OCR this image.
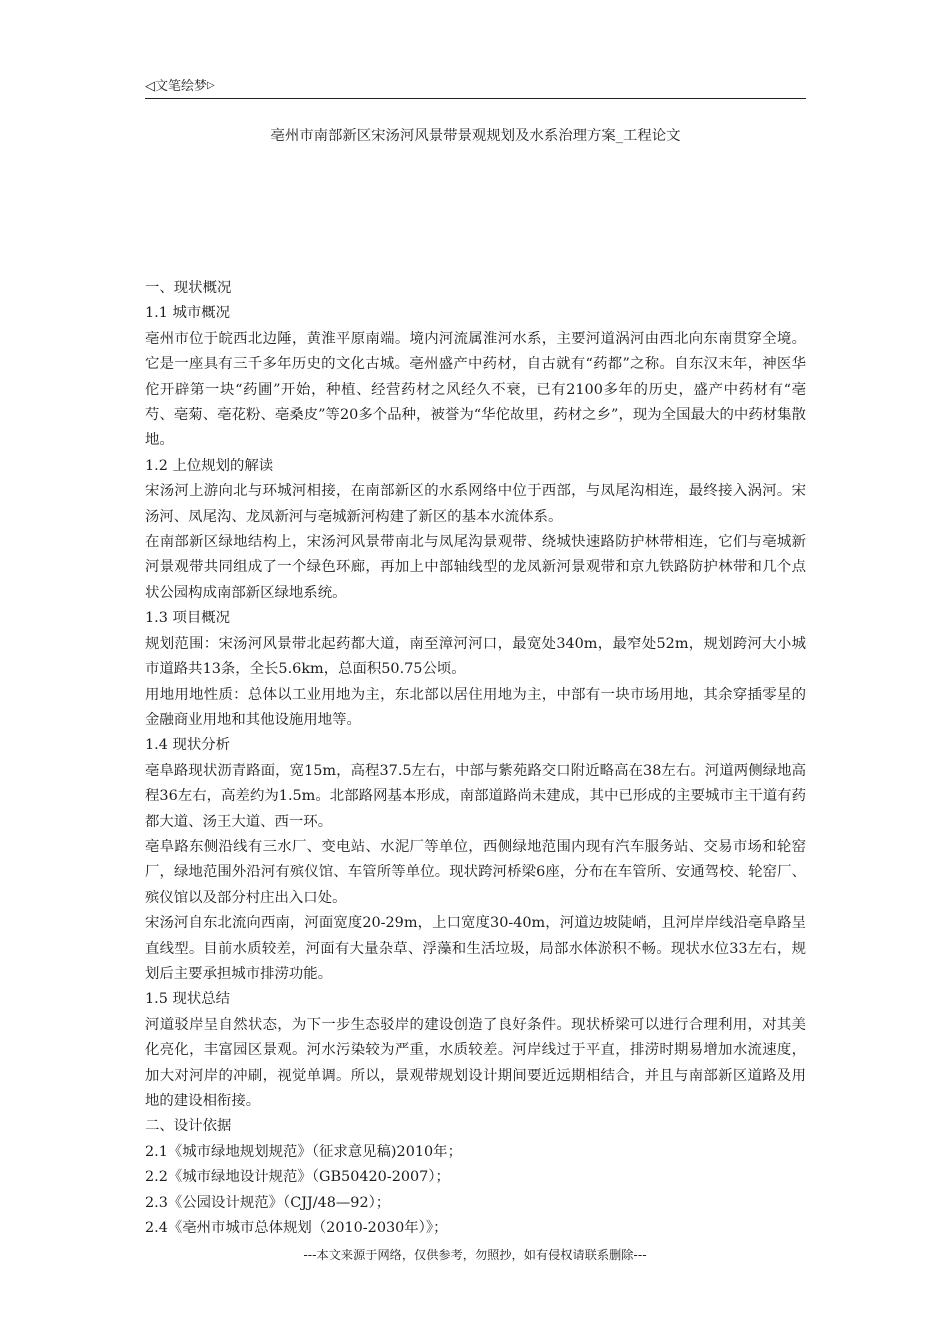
◁文笔绘梦▷
亳州市南部新区宋汤河风景带景观规划及水系治理方案_工程论文

一、现状概况

1.1 城市概况

亳州市位于皖西北边陲，黄淮平原南端。境内河流属淮河水系，主要河道涡河由西北向东南贯穿全境。它是一座具有三千多年历史的文化古城。亳州盛产中药材，自古就有“药都”之称。自东汉末年，神医华佗开辟第一块“药圃”开始，种植、经营药材之风经久不衰，已有2100多年的历史，盛产中药材有“亳芍、亳菊、亳花粉、亳桑皮”等20多个品种，被誉为“华佗故里，药材之乡”，现为全国最大的中药材集散地。

1.2 上位规划的解读

宋汤河上游向北与环城河相接，在南部新区的水系网络中位于西部，与凤尾沟相连，最终接入涡河。宋汤河、凤尾沟、龙凤新河与亳城新河构建了新区的基本水流体系。

在南部新区绿地结构上，宋汤河风景带南北与凤尾沟景观带、绕城快速路防护林带相连，它们与亳城新河景观带共同组成了一个绿色环廊，再加上中部轴线型的龙凤新河景观带和京九铁路防护林带和几个点状公园构成南部新区绿地系统。

1.3 项目概况

规划范围：宋汤河风景带北起药都大道，南至漳河河口，最宽处340m，最窄处52m，规划跨河大小城市道路共13条，全长5.6km，总面积50.75公顷。

用地用地性质：总体以工业用地为主，东北部以居住用地为主，中部有一块市场用地，其余穿插零星的金融商业用地和其他设施用地等。

1.4 现状分析

亳阜路现状沥青路面，宽15m，高程37.5左右，中部与紫苑路交口附近略高在38左右。河道两侧绿地高程36左右，高差约为1.5m。北部路网基本形成，南部道路尚未建成，其中已形成的主要城市主干道有药都大道、汤王大道、西一环。

亳阜路东侧沿线有三水厂、变电站、水泥厂等单位，西侧绿地范围内现有汽车服务站、交易市场和轮窑厂，绿地范围外沿河有殡仪馆、车管所等单位。现状跨河桥梁6座，分布在车管所、安通驾校、轮窑厂、殡仪馆以及部分村庄出入口处。

宋汤河自东北流向西南，河面宽度20-29m，上口宽度30-40m，河道边坡陡峭，且河岸岸线沿亳阜路呈直线型。目前水质较差，河面有大量杂草、浮藻和生活垃圾，局部水体淤积不畅。现状水位33左右，规划后主要承担城市排涝功能。

1.5 现状总结

河道驳岸呈自然状态，为下一步生态驳岸的建设创造了良好条件。现状桥梁可以进行合理利用，对其美化亮化，丰富园区景观。河水污染较为严重，水质较差。河岸线过于平直，排涝时期易增加水流速度，加大对河岸的冲刷，视觉单调。所以，景观带规划设计期间要近远期相结合，并且与南部新区道路及用地的建设相衔接。

二、设计依据

2.1《城市绿地规划规范》（征求意见稿)2010年；

2.2《城市绿地设计规范》（GB50420-2007）；

2.3《公园设计规范》（CJJ/48—92）；

2.4《亳州市城市总体规划（2010-2030年）》；

---本文来源于网络，仅供参考，勿照抄，如有侵权请联系删除---
